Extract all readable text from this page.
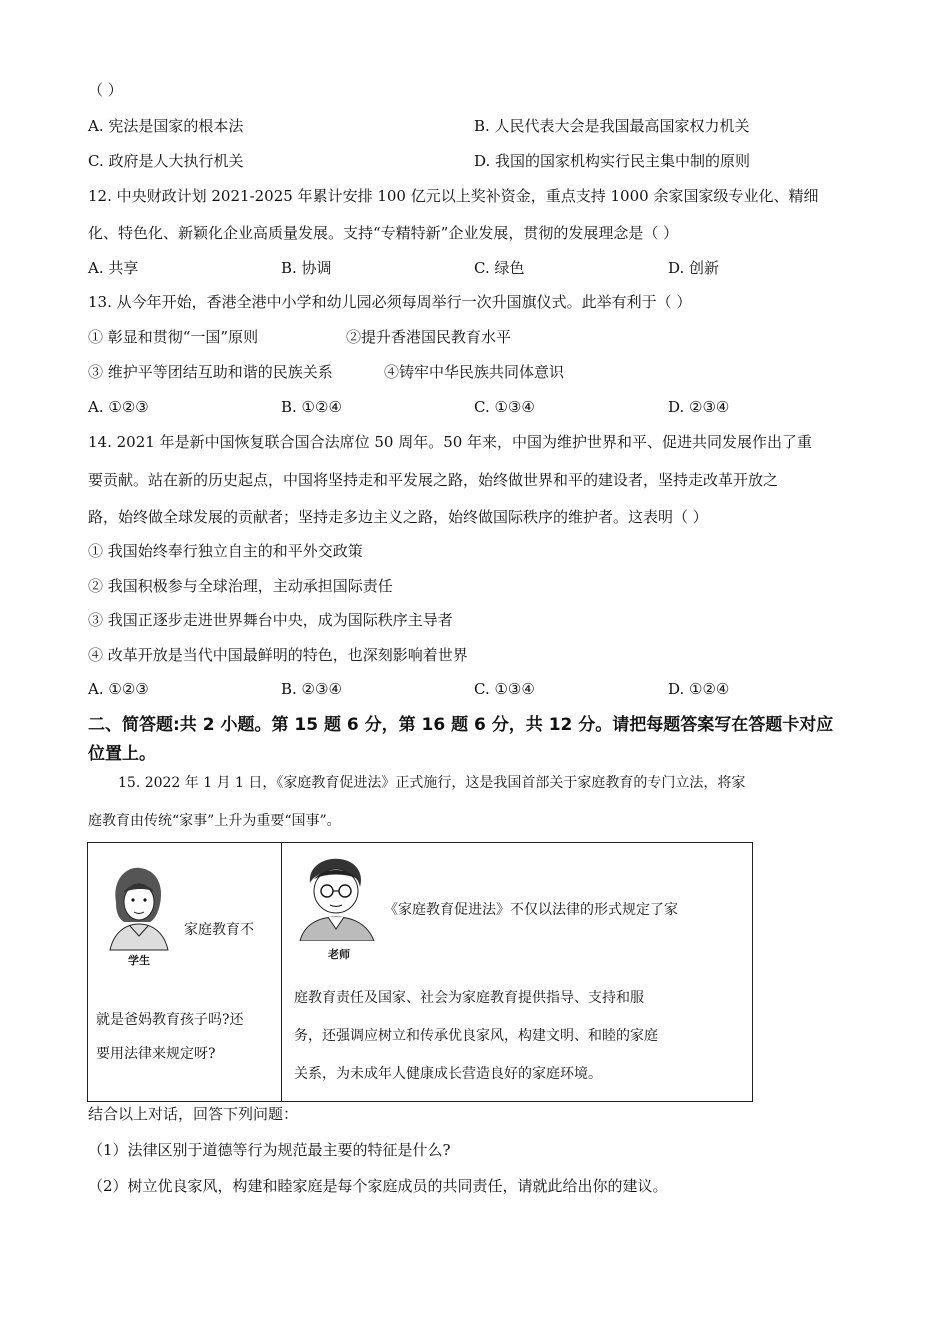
（ ）
A. 宪法是国家的根本法	B. 人民代表大会是我国最高国家权力机关
C. 政府是人大执行机关	D. 我国的国家机构实行民主集中制的原则
12. 中央财政计划 2021-2025 年累计安排 100 亿元以上奖补资金，重点支持 1000 余家国家级专业化、精细
化、特色化、新颖化企业高质量发展。支持“专精特新”企业发展，贯彻的发展理念是（ ）
A. 共享	B. 协调	C. 绿色	D. 创新
13. 从今年开始，香港全港中小学和幼儿园必须每周举行一次升国旗仪式。此举有利于（ ）
① 彰显和贯彻“一国”原则	②提升香港国民教育水平
③ 维护平等团结互助和谐的民族关系	④铸牢中华民族共同体意识
A. ①②③	B. ①②④	C. ①③④	D. ②③④
14. 2021 年是新中国恢复联合国合法席位 50 周年。50 年来，中国为维护世界和平、促进共同发展作出了重
要贡献。站在新的历史起点，中国将坚持走和平发展之路，始终做世界和平的建设者，坚持走改革开放之
路，始终做全球发展的贡献者；坚持走多边主义之路，始终做国际秩序的维护者。这表明（ ）
① 我国始终奉行独立自主的和平外交政策
② 我国积极参与全球治理，主动承担国际责任
③ 我国正逐步走进世界舞台中央，成为国际秩序主导者
④ 改革开放是当代中国最鲜明的特色，也深刻影响着世界
A. ①②③	B. ②③④	C. ①③④	D. ①②④
二、简答题:共 2 小题。第 15 题 6 分，第 16 题 6 分，共 12 分。请把每题答案写在答题卡对应
位置上。
15. 2022 年 1 月 1 日，《家庭教育促进法》正式施行，这是我国首部关于家庭教育的专门立法，将家
庭教育由传统“家事”上升为重要“国事”。
学生
家庭教育不
就是爸妈教育孩子吗?还
要用法律来规定呀?
老师
《家庭教育促进法》不仅以法律的形式规定了家
庭教育责任及国家、社会为家庭教育提供指导、支持和服
务，还强调应树立和传承优良家风，构建文明、和睦的家庭
关系，为未成年人健康成长营造良好的家庭环境。
结合以上对话，回答下列问题：
（1）法律区别于道德等行为规范最主要的特征是什么?
（2）树立优良家风，构建和睦家庭是每个家庭成员的共同责任，请就此给出你的建议。
